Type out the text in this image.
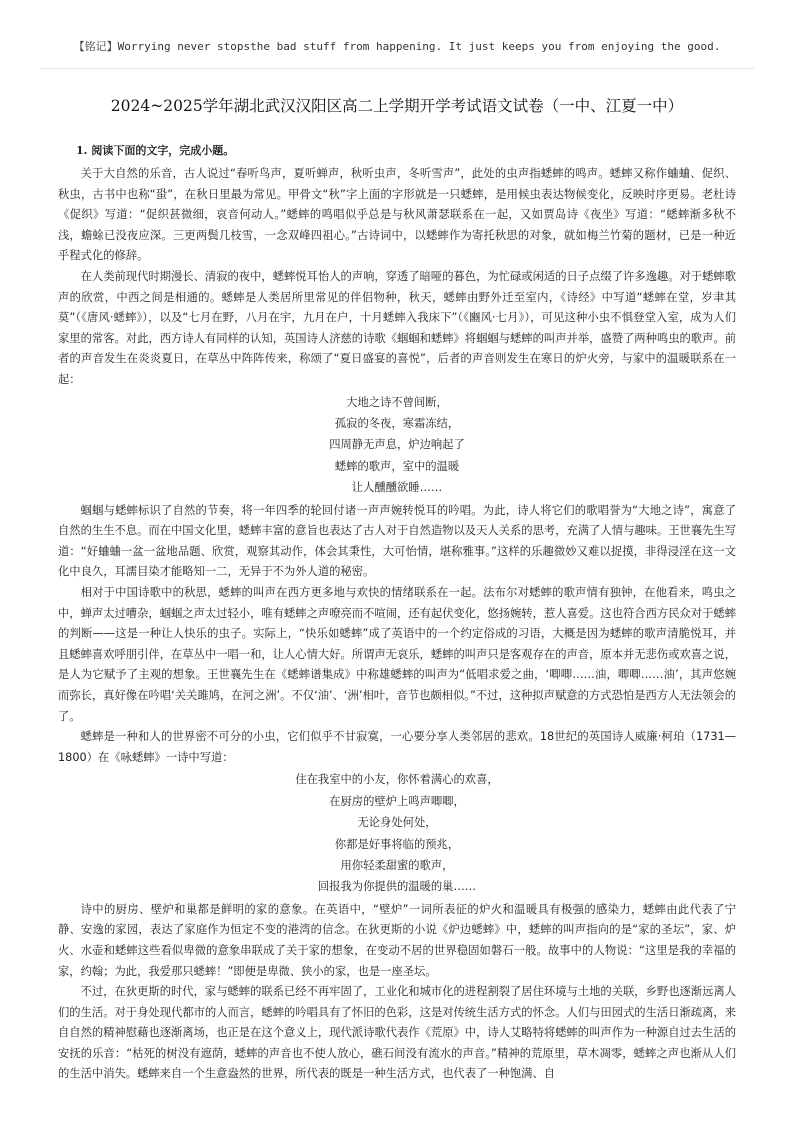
【铭记】Worrying never stopsthe bad stuff from happening. It just keeps you from enjoying the good.
2024~2025学年湖北武汉汉阳区高二上学期开学考试语文试卷（一中、江夏一中）
1. 阅读下面的文字，完成小题。

关于大自然的乐音，古人说过“春听鸟声，夏听蝉声，秋听虫声，冬听雪声”，此处的虫声指蟋蟀的鸣声。蟋蟀又称作蛐蛐、促织、秋虫，古书中也称“蛩”，在秋日里最为常见。甲骨文“秋”字上面的字形就是一只蟋蟀，是用候虫表达物候变化，反映时序更易。老杜诗《促织》写道：“促织甚微细，哀音何动人。”蟋蟀的鸣唱似乎总是与秋风萧瑟联系在一起，又如贾岛诗《夜坐》写道：“蟋蟀渐多秋不浅，蟾蜍已没夜应深。三更两鬓几枝雪，一念双峰四祖心。”古诗词中，以蟋蟀作为寄托秋思的对象，就如梅兰竹菊的题材，已是一种近乎程式化的修辞。

在人类前现代时期漫长、清寂的夜中，蟋蟀悦耳怡人的声响，穿透了暗哑的暮色，为忙碌或闲适的日子点缀了许多逸趣。对于蟋蟀歌声的欣赏，中西之间是相通的。蟋蟀是人类居所里常见的伴侣物种，秋天，蟋蟀由野外迁至室内，《诗经》中写道“蟋蟀在堂，岁聿其莫”（《唐风·蟋蟀》），以及“七月在野，八月在宇，九月在户，十月蟋蟀入我床下”（《豳风·七月》），可见这种小虫不惧登堂入室，成为人们家里的常客。对此，西方诗人有同样的认知，英国诗人济慈的诗歌《蝈蝈和蟋蟀》将蝈蝈与蟋蟀的叫声并举，盛赞了两种鸣虫的歌声。前者的声音发生在炎炎夏日，在草丛中阵阵传来，称颂了“夏日盛宴的喜悦”，后者的声音则发生在寒日的炉火旁，与家中的温暖联系在一起：

大地之诗不曾间断，
孤寂的冬夜，寒霜冻结，
四周静无声息，炉边响起了
蟋蟀的歌声，室中的温暖
让人醺醺欲睡……

蝈蝈与蟋蟀标识了自然的节奏，将一年四季的轮回付诸一声声婉转悦耳的吟唱。为此，诗人将它们的歌唱誉为“大地之诗”，寓意了自然的生生不息。而在中国文化里，蟋蟀丰富的意旨也表达了古人对于自然造物以及天人关系的思考，充满了人情与趣味。王世襄先生写道：“好蛐蛐一盆一盆地品题、欣赏，观察其动作，体会其秉性，大可怡情，堪称雅事。”这样的乐趣微妙又难以捉摸，非得浸淫在这一文化中良久，耳濡目染才能略知一二，无异于不为外人道的秘密。

相对于中国诗歌中的秋思，蟋蟀的叫声在西方更多地与欢快的情绪联系在一起。法布尔对蟋蟀的歌声情有独钟，在他看来，鸣虫之中，蝉声太过嘈杂，蝈蝈之声太过轻小，唯有蟋蟀之声嘹亮而不喧闹，还有起伏变化，悠扬婉转，惹人喜爱。这也符合西方民众对于蟋蟀的判断——这是一种让人快乐的虫子。实际上，“快乐如蟋蟀”成了英语中的一个约定俗成的习语，大概是因为蟋蟀的歌声清脆悦耳，并且蟋蟀喜欢呼朋引伴，在草丛中一唱一和，让人心情大好。所谓声无哀乐，蟋蟀的叫声只是客观存在的声音，原本并无悲伤或欢喜之说，是人为它赋予了主观的想象。王世襄先生在《蟋蟀谱集成》中称雄蟋蟀的叫声为“低唱求爱之曲，‘唧唧……油，唧唧……油’，其声悠婉而弥长，真好像在吟唱‘关关雎鸠，在河之洲’。不仅‘油’、‘洲’相叶，音节也颇相似。”不过，这种拟声赋意的方式恐怕是西方人无法领会的了。

蟋蟀是一种和人的世界密不可分的小虫，它们似乎不甘寂寞，一心要分享人类邻居的悲欢。18世纪的英国诗人威廉·柯珀（1731—1800）在《咏蟋蟀》一诗中写道：

住在我室中的小友，你怀着满心的欢喜，
在厨房的壁炉上鸣声唧唧，
无论身处何处，
你都是好事将临的预兆，
用你轻柔甜蜜的歌声，
回报我为你提供的温暖的巢……

诗中的厨房、壁炉和巢都是鲜明的家的意象。在英语中，“壁炉”一词所表征的炉火和温暖具有极强的感染力，蟋蟀由此代表了宁静、安逸的家园，表达了家庭作为恒定不变的港湾的信念。在狄更斯的小说《炉边蟋蟀》中，蟋蟀的叫声指向的是“家的圣坛”，家、炉火、水壶和蟋蟀这些看似卑微的意象串联成了关于家的想象，在变动不居的世界稳固如磐石一般。故事中的人物说：“这里是我的幸福的家，约翰；为此，我爱那只蟋蟀！”即便是卑微、狭小的家，也是一座圣坛。

不过，在狄更斯的时代，家与蟋蟀的联系已经不再牢固了，工业化和城市化的进程割裂了居住环境与土地的关联，乡野也逐渐远离人们的生活。对于身处现代都市的人而言，蟋蟀的吟唱具有了怀旧的色彩，这是对传统生活方式的怀念。人们与田园式的生活日渐疏离，来自自然的精神慰藉也逐渐离场，也正是在这个意义上，现代派诗歌代表作《荒原》中，诗人艾略特将蟋蟀的叫声作为一种源自过去生活的安抚的乐音：“枯死的树没有遮荫，蟋蟀的声音也不使人放心，礁石间没有流水的声音。”精神的荒原里，草木凋零，蟋蟀之声也渐从人们的生活中消失。蟋蟀来自一个生意盎然的世界，所代表的既是一种生活方式，也代表了一种饱满、自
